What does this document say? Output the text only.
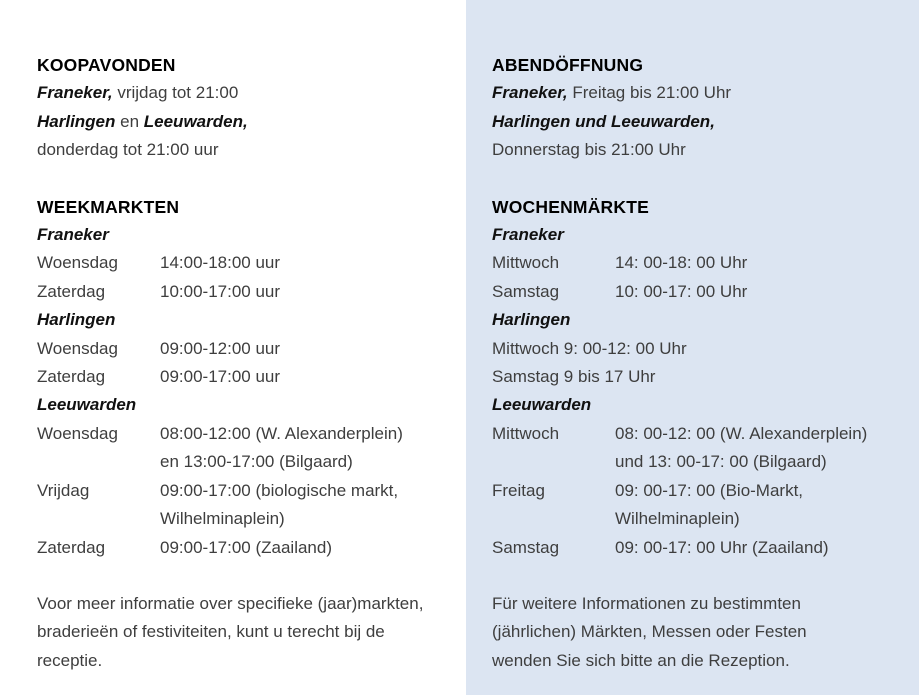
KOOPAVONDEN

Franeker, vrijdag tot 21:00

Harlingen en Leeuwarden,

donderdag tot 21:00 uur

WEEKMARKTEN

Franeker

Woensdag	14:00-18:00 uur
Zaterdag	10:00-17:00 uur

Harlingen

Woensdag	09:00-12:00 uur
Zaterdag	09:00-17:00 uur

Leeuwarden

Woensdag	08:00-12:00 (W. Alexanderplein)
en 13:00-17:00 (Bilgaard)
Vrijdag	09:00-17:00 (biologische markt,
Wilhelminaplein)
Zaterdag	09:00-17:00 (Zaailand)

Voor meer informatie over specifieke (jaar)markten,

braderieën of festiviteiten, kunt u terecht bij de

receptie.

ABENDÖFFNUNG

Franeker, Freitag bis 21:00 Uhr

Harlingen und Leeuwarden,

Donnerstag bis 21:00 Uhr

WOCHENMÄRKTE

Franeker

Mittwoch	14: 00-18: 00 Uhr
Samstag	10: 00-17: 00 Uhr

Harlingen

Mittwoch 9: 00-12: 00 Uhr

Samstag 9 bis 17 Uhr

Leeuwarden

Mittwoch	08: 00-12: 00 (W. Alexanderplein)
und 13: 00-17: 00 (Bilgaard)
Freitag	09: 00-17: 00 (Bio-Markt,
Wilhelminaplein)
Samstag	09: 00-17: 00 Uhr (Zaailand)

Für weitere Informationen zu bestimmten

(jährlichen) Märkten, Messen oder Festen

wenden Sie sich bitte an die Rezeption.
